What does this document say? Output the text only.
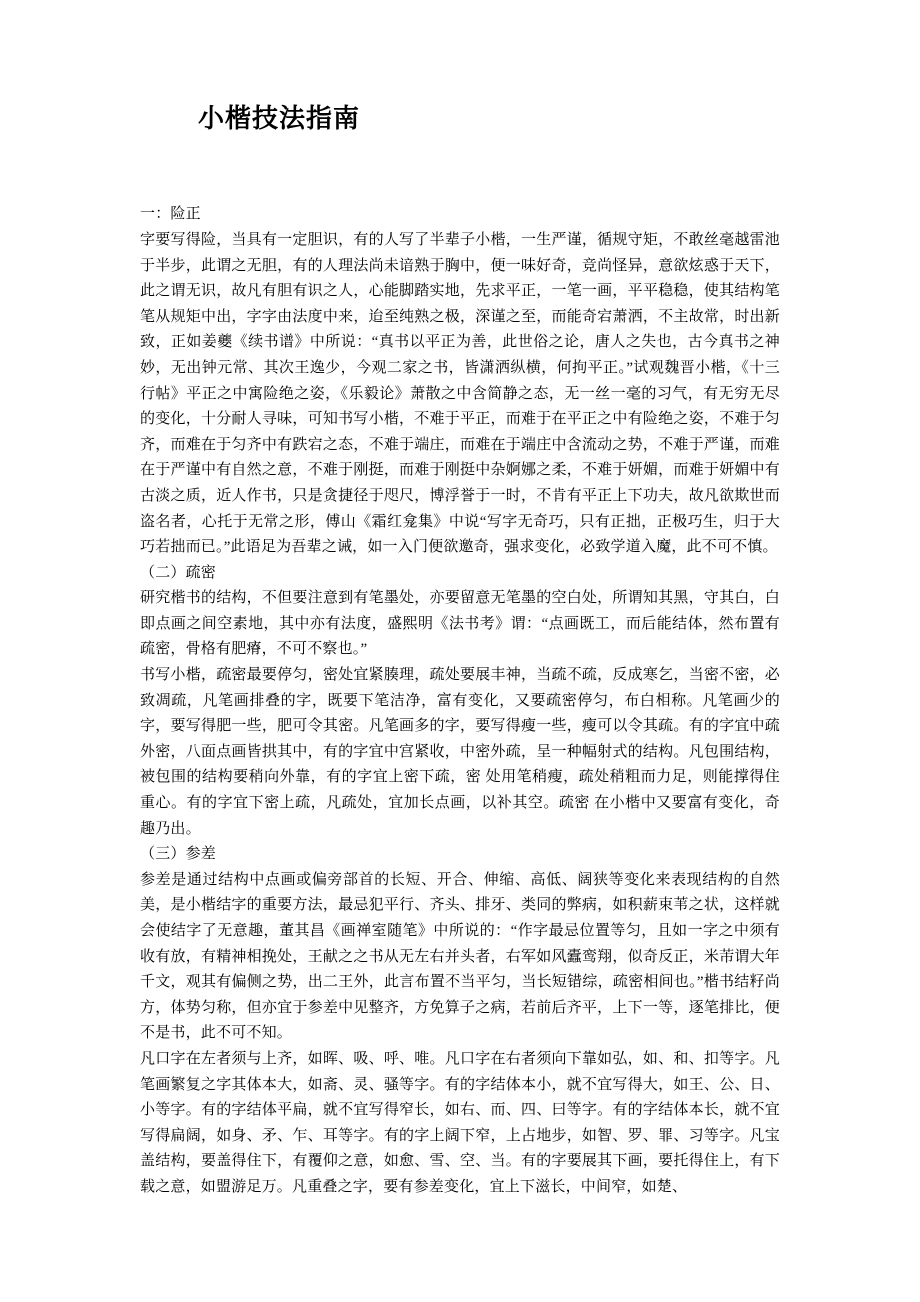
小楷技法指南

一：险正

字要写得险，当具有一定胆识，有的人写了半辈子小楷，一生严谨，循规守矩，不敢丝毫越雷池于半步，此谓之无胆，有的人理法尚未谙熟于胸中，便一味好奇，竞尚怪异，意欲炫惑于天下，此之谓无识，故凡有胆有识之人，心能脚踏实地，先求平正，一笔一画，平平稳稳，使其结构笔笔从规矩中出，字字由法度中来，迨至纯熟之极，深谨之至，而能奇宕萧洒，不主故常，时出新致，正如姜夔《续书谱》中所说：“真书以平正为善，此世俗之论，唐人之失也，古今真书之神妙，无出钟元常、其次王逸少，今观二家之书，皆潇洒纵横，何拘平正。”试观魏晋小楷，《十三行帖》平正之中寓险绝之姿，《乐毅论》萧散之中含简静之态，无一丝一毫的习气，有无穷无尽的变化，十分耐人寻味，可知书写小楷，不难于平正，而难于在平正之中有险绝之姿，不难于匀齐，而难在于匀齐中有跌宕之态，不难于端庄，而难在于端庄中含流动之势，不难于严谨，而难在于严谨中有自然之意，不难于刚挺，而难于刚挺中杂婀娜之柔，不难于妍媚，而难于妍媚中有古淡之质，近人作书，只是贪捷径于咫尺，博浮誉于一时，不肯有平正上下功夫，故凡欲欺世而盗名者，心托于无常之形，傅山《霜红龛集》中说“写字无奇巧，只有正拙，正极巧生，归于大巧若拙而已。”此语足为吾辈之诫，如一入门便欲邀奇，强求变化，必致学道入魔，此不可不慎。

（二）疏密

研究楷书的结构，不但要注意到有笔墨处，亦要留意无笔墨的空白处，所谓知其黑，守其白，白即点画之间空素地，其中亦有法度，盛熙明《法书考》谓：“点画既工，而后能结体，然布置有疏密，骨格有肥瘠，不可不察也。”

书写小楷，疏密最要停匀，密处宜紧腠理，疏处要展丰神，当疏不疏，反成寒乞，当密不密，必致凋疏，凡笔画排叠的字，既要下笔洁净，富有变化，又要疏密停匀，布白相称。凡笔画少的字，要写得肥一些，肥可令其密。凡笔画多的字，要写得瘦一些，瘦可以令其疏。有的字宜中疏外密，八面点画皆拱其中，有的字宜中宫紧收，中密外疏，呈一种幅射式的结构。凡包围结构，被包围的结构要稍向外靠，有的字宜上密下疏，密 处用笔稍瘦，疏处稍粗而力足，则能撑得住重心。有的字宜下密上疏，凡疏处，宜加长点画，以补其空。疏密 在小楷中又要富有变化，奇趣乃出。

（三）参差

参差是通过结构中点画或偏旁部首的长短、开合、伸缩、高低、阔狭等变化来表现结构的自然美，是小楷结字的重要方法，最忌犯平行、齐头、排牙、类同的弊病，如积薪束苇之状，这样就会使结字了无意趣，董其昌《画禅室随笔》中所说的：“作字最忌位置等匀，且如一字之中须有收有放，有精神相挽处，王献之之书从无左右并头者，右军如风蠹鸾翔，似奇反正，米芾谓大年千文，观其有偏侧之势，出二王外，此言布置不当平匀，当长短错综，疏密相间也。”楷书结籽尚方，体势匀称，但亦宜于参差中见整齐，方免算子之病，若前后齐平，上下一等，逐笔排比，便不是书，此不可不知。

凡口字在左者须与上齐，如晖、吸、呼、唯。凡口字在右者须向下靠如弘，如、和、扣等字。凡笔画繁复之字其体本大，如斋、灵、骚等字。有的字结体本小，就不宜写得大，如王、公、日、小等字。有的字结体平扁，就不宜写得窄长，如右、而、四、曰等字。有的字结体本长，就不宜写得扁阔，如身、矛、乍、耳等字。有的字上阔下窄，上占地步，如智、罗、罪、习等字。凡宝盖结构，要盖得住下，有覆仰之意，如愈、雪、空、当。有的字要展其下画，要托得住上，有下载之意，如盟游足万。凡重叠之字，要有参差变化，宜上下滋长，中间窄，如楚、
